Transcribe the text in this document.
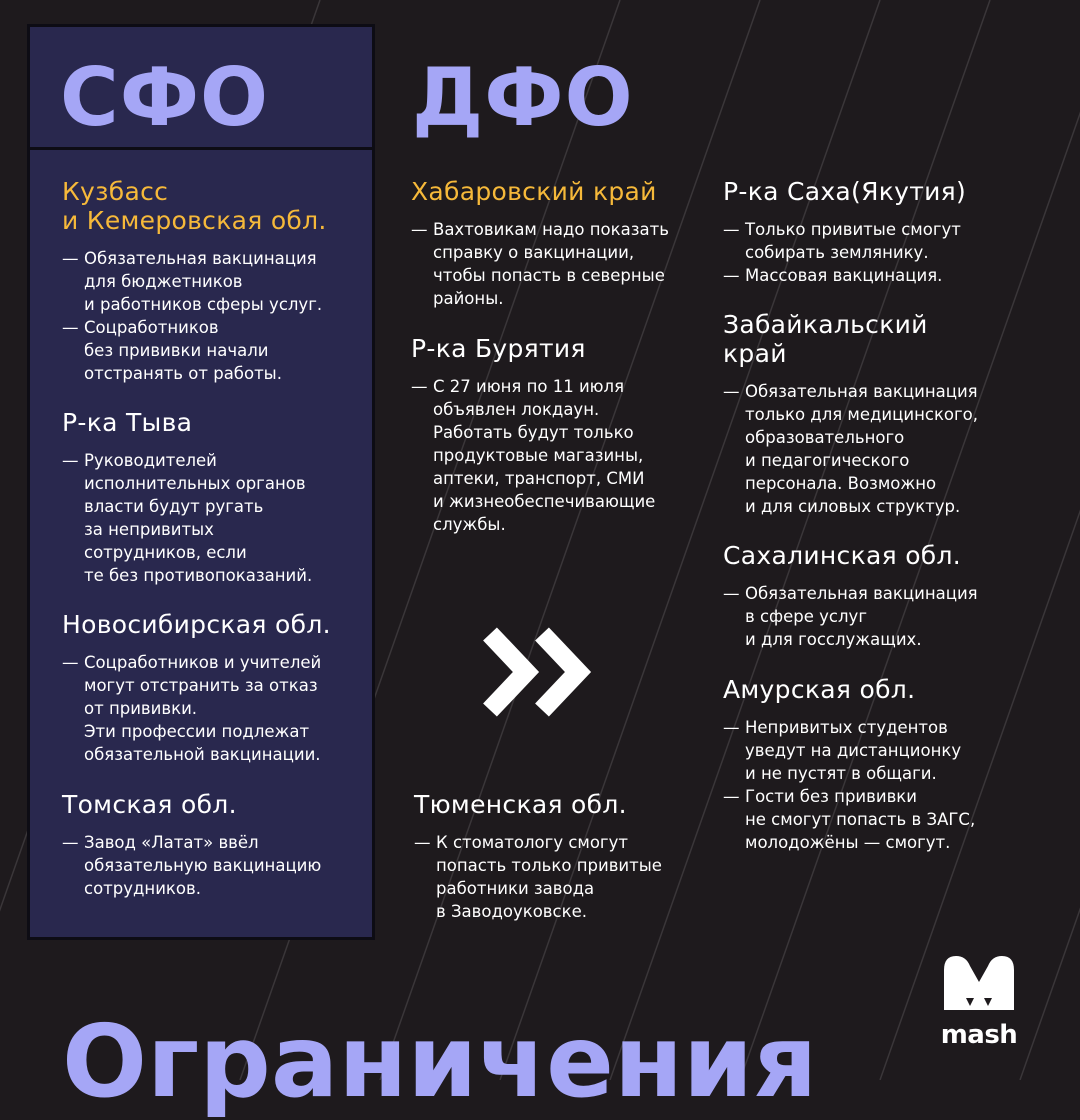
СФО
Кузбасс
и Кемеровская обл.
— Обязательная вакцинация
для бюджетников
и работников сферы услуг.
— Соцработников
без прививки начали
отстранять от работы.
Р-ка Тыва
— Руководителей
исполнительных органов
власти будут ругать
за непривитых
сотрудников, если
те без противопоказаний.
Новосибирская обл.
— Соцработников и учителей
могут отстранить за отказ
от прививки.
Эти профессии подлежат
обязательной вакцинации.
Томская обл.
— Завод «Латат» ввёл
обязательную вакцинацию
сотрудников.
ДФО
Хабаровский край
— Вахтовикам надо показать
справку о вакцинации,
чтобы попасть в северные
районы.
Р-ка Бурятия
— С 27 июня по 11 июля
объявлен локдаун.
Работать будут только
продуктовые магазины,
аптеки, транспорт, СМИ
и жизнеобеспечивающие
службы.
Р-ка Саха(Якутия)
— Только привитые смогут
собирать землянику.
— Массовая вакцинация.
Забайкальский
край
— Обязательная вакцинация
только для медицинского,
образовательного
и педагогического
персонала. Возможно
и для силовых структур.
Сахалинская обл.
— Обязательная вакцинация
в сфере услуг
и для госслужащих.
Амурская обл.
— Непривитых студентов
уведут на дистанционку
и не пустят в общаги.
— Гости без прививки
не смогут попасть в ЗАГС,
молодожёны — смогут.
Тюменская обл.
— К стоматологу смогут
попасть только привитые
работники завода
в Заводоуковске.
mash
Ограничения
